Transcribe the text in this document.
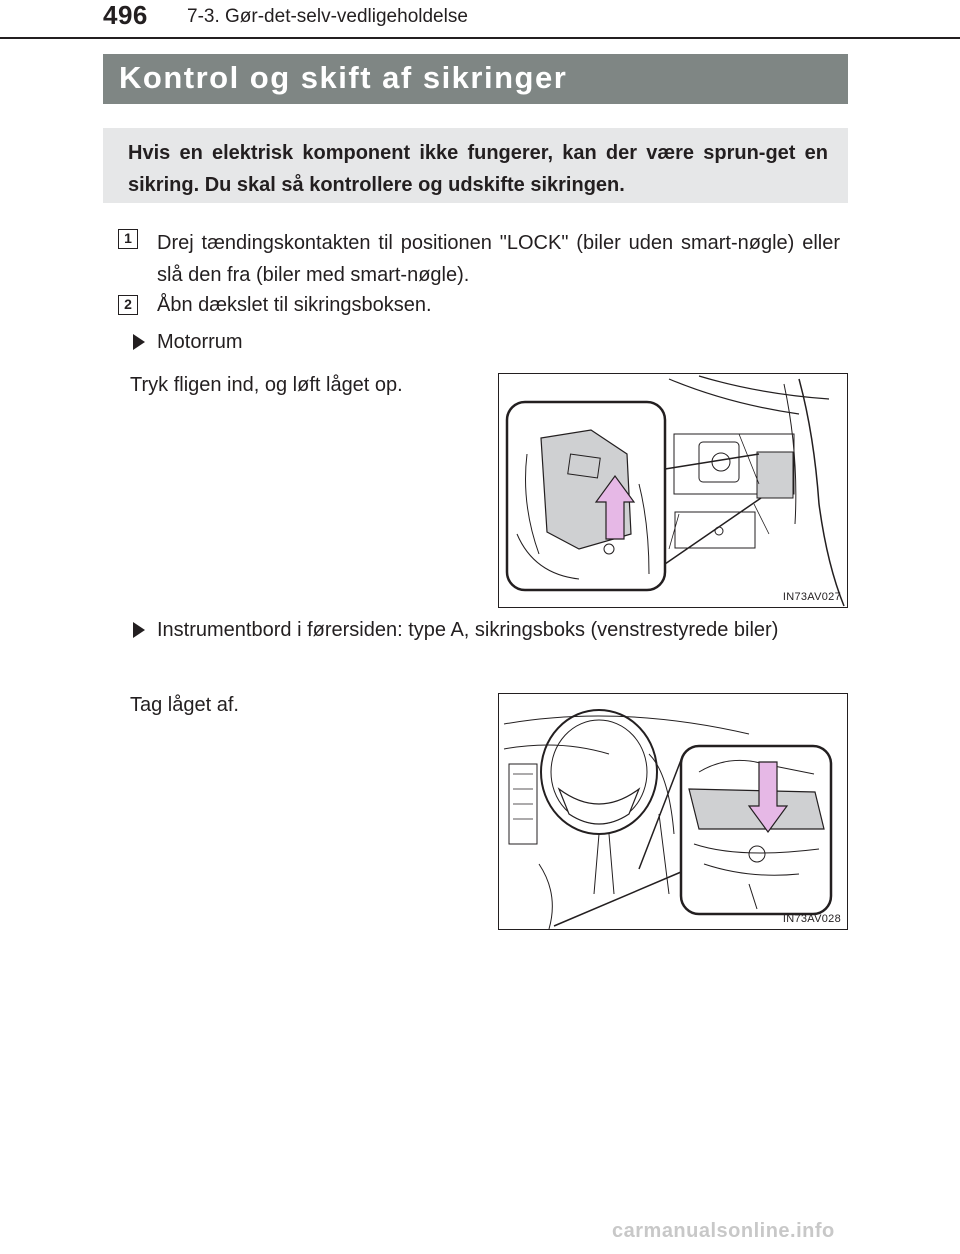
496 7-3. Gør-det-selv-vedligeholdelse
Kontrol og skift af sikringer
Hvis en elektrisk komponent ikke fungerer, kan der være sprun-get en sikring. Du skal så kontrollere og udskifte sikringen.
1	Drej tændingskontakten til positionen "LOCK" (biler uden smart-nøgle) eller slå den fra (biler med smart-nøgle).
2	Åbn dækslet til sikringsboksen.
Motorrum
Tryk fligen ind, og løft låget op.
IN73AV027
Instrumentbord i førersiden: type A, sikringsboks (venstrestyrede biler)
Tag låget af.
IN73AV028
carmanualsonline.info
